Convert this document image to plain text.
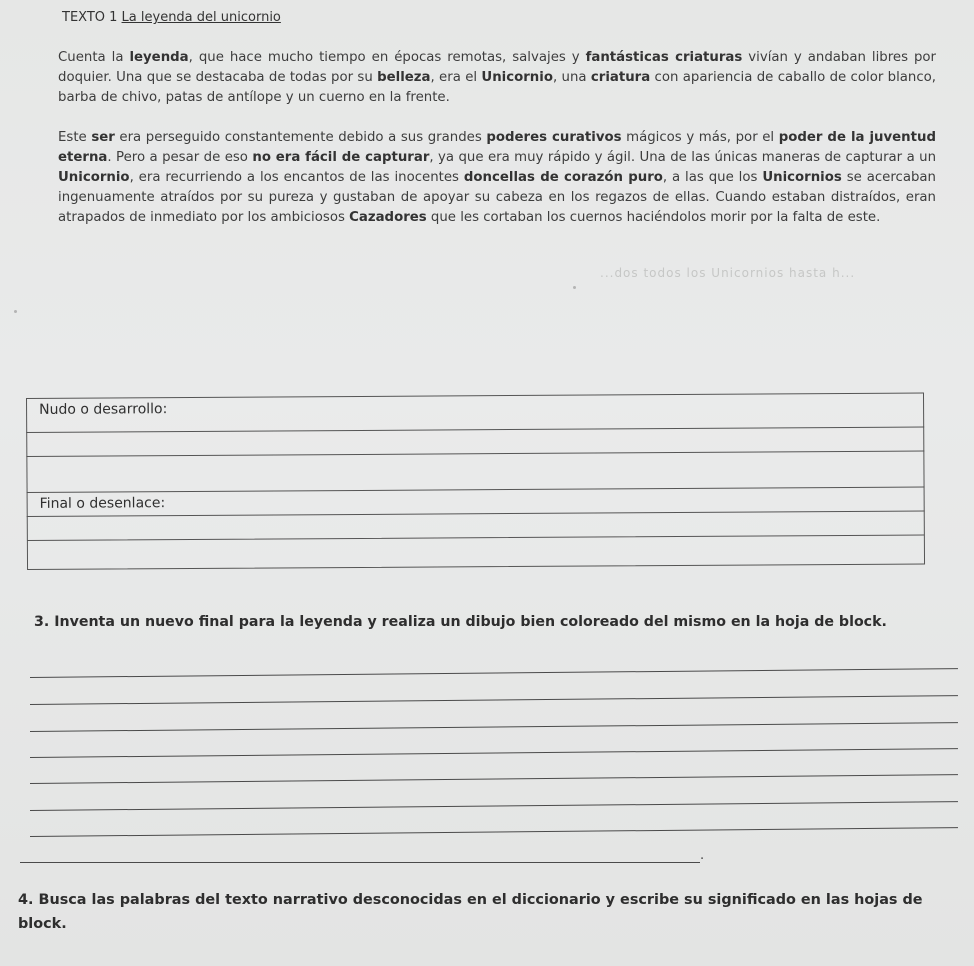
TEXTO 1 La leyenda del unicornio
Cuenta la leyenda, que hace mucho tiempo en épocas remotas, salvajes y fantásticas criaturas vivían y andaban libres por doquier. Una que se destacaba de todas por su belleza, era el Unicornio, una criatura con apariencia de caballo de color blanco, barba de chivo, patas de antílope y un cuerno en la frente.
Este ser era perseguido constantemente debido a sus grandes poderes curativos mágicos y más, por el poder de la juventud eterna. Pero a pesar de eso no era fácil de capturar, ya que era muy rápido y ágil. Una de las únicas maneras de capturar a un Unicornio, era recurriendo a los encantos de las inocentes doncellas de corazón puro, a las que los Unicornios se acercaban ingenuamente atraídos por su pureza y gustaban de apoyar su cabeza en los regazos de ellas. Cuando estaban distraídos, eran atrapados de inmediato por los ambiciosos Cazadores que les cortaban los cuernos haciéndolos morir por la falta de este.
...dos todos los Unicornios hasta h...
Nudo o desarrollo:
Final o desenlace:
3. Inventa un nuevo final para la leyenda y realiza un dibujo bien coloreado del mismo en la hoja de block.
.
4. Busca las palabras del texto narrativo desconocidas en el diccionario y escribe su significado en las hojas de block.
